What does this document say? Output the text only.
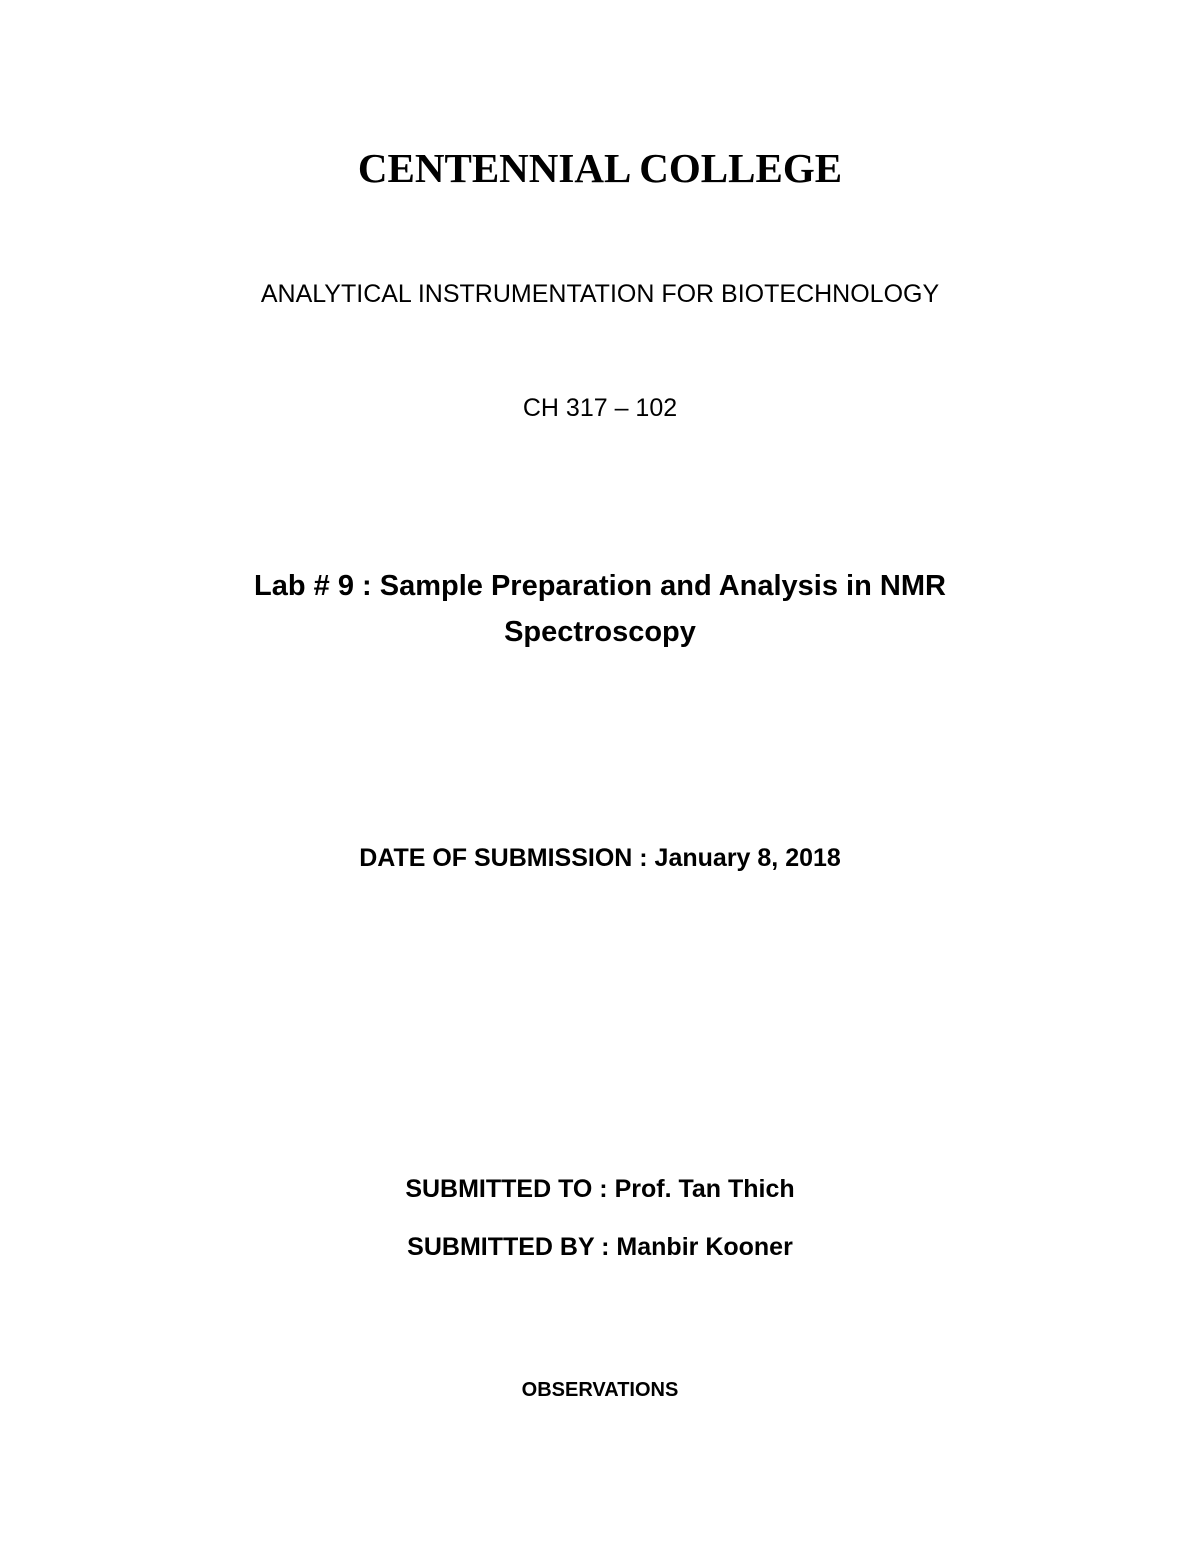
CENTENNIAL COLLEGE
ANALYTICAL INSTRUMENTATION FOR BIOTECHNOLOGY
CH 317 – 102
Lab # 9 : Sample Preparation and Analysis in NMR
Spectroscopy
DATE OF SUBMISSION : January 8, 2018
SUBMITTED TO : Prof. Tan Thich
SUBMITTED BY : Manbir Kooner
OBSERVATIONS
